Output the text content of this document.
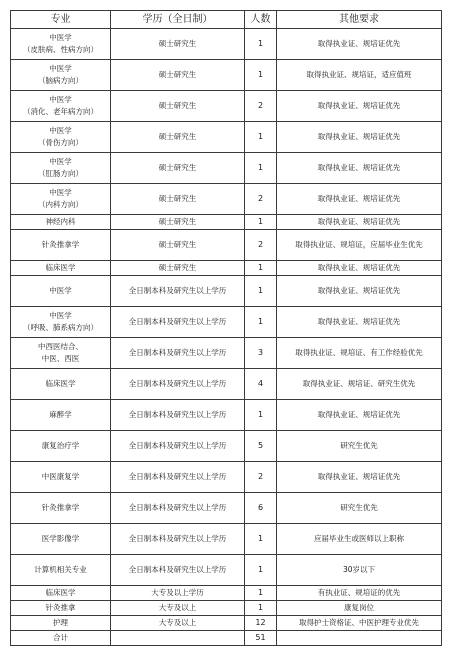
专业	学历（全日制）	人数	其他要求

中医学
（皮肤病、性病方向）	硕士研究生	1	取得执业证、规培证优先

中医学
（脑病方向）	硕士研究生	1	取得执业证、规培证，适应值班

中医学
（消化、老年病方向）	硕士研究生	2	取得执业证、规培证优先

中医学
（骨伤方向）	硕士研究生	1	取得执业证、规培证优先

中医学
（肛肠方向）	硕士研究生	1	取得执业证、规培证优先

中医学
（内科方向）	硕士研究生	2	取得执业证、规培证优先

神经内科	硕士研究生	1	取得执业证、规培证优先

针灸推拿学	硕士研究生	2	取得执业证、规培证，应届毕业生优先

临床医学	硕士研究生	1	取得执业证、规培证优先

中医学	全日制本科及研究生以上学历	1	取得执业证、规培证优先

中医学
（呼吸、肺系病方向）	全日制本科及研究生以上学历	1	取得执业证、规培证优先

中西医结合、
中医、西医	全日制本科及研究生以上学历	3	取得执业证、规培证、有工作经验优先

临床医学	全日制本科及研究生以上学历	4	取得执业证、规培证、研究生优先

麻醉学	全日制本科及研究生以上学历	1	取得执业证、规培证优先

康复治疗学	全日制本科及研究生以上学历	5	研究生优先

中医康复学	全日制本科及研究生以上学历	2	取得执业证、规培证优先

针灸推拿学	全日制本科及研究生以上学历	6	研究生优先

医学影像学	全日制本科及研究生以上学历	1	应届毕业生或医师以上职称

计算机相关专业	全日制本科及研究生以上学历	1	30岁以下

临床医学	大专及以上学历	1	有执业证、规培证的优先

针灸推拿	大专及以上	1	康复岗位

护理	大专及以上	12	取得护士资格证、中医护理专业优先

合计		51	
